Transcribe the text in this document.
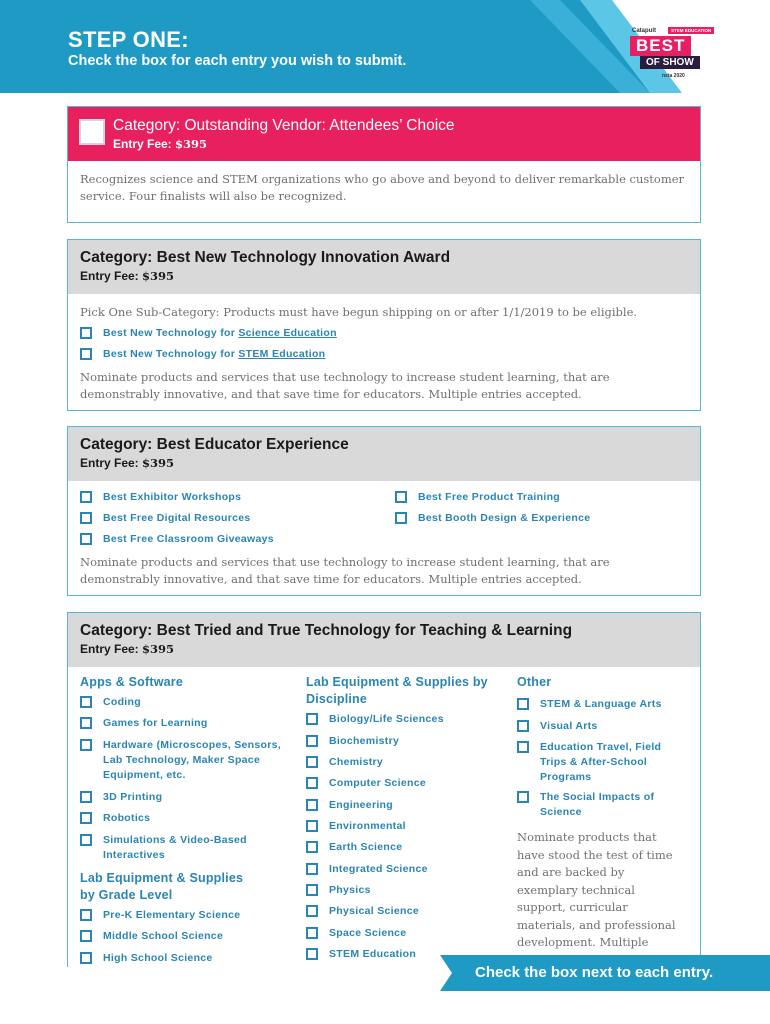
STEP ONE:
Check the box for each entry you wish to submit.
Catapult	STEM EDUCATION
BEST
OF SHOW
nsta 2020
Category: Outstanding Vendor: Attendees’ Choice
Entry Fee: $395
Recognizes science and STEM organizations who go above and beyond to deliver remarkable customer service. Four finalists will also be recognized.
Category: Best New Technology Innovation Award
Entry Fee: $395
Pick One Sub-Category: Products must have begun shipping on or after 1/1/2019 to be eligible.
Best New Technology for Science Education
Best New Technology for STEM Education
Nominate products and services that use technology to increase student learning, that are demonstrably innovative, and that save time for educators. Multiple entries accepted.
Category: Best Educator Experience
Entry Fee: $395
Best Exhibitor Workshops
Best Free Digital Resources
Best Free Classroom Giveaways
Best Free Product Training
Best Booth Design & Experience
Nominate products and services that use technology to increase student learning, that are demonstrably innovative, and that save time for educators. Multiple entries accepted.
Category: Best Tried and True Technology for Teaching & Learning
Entry Fee: $395
Apps & Software
Coding
Games for Learning
Hardware (Microscopes, Sensors, Lab Technology, Maker Space Equipment, etc.
3D Printing
Robotics
Simulations & Video-Based Interactives
Lab Equipment & Supplies by Grade Level
Pre-K Elementary Science
Middle School Science
High School Science
Lab Equipment & Supplies by Discipline
Biology/Life Sciences
Biochemistry
Chemistry
Computer Science
Engineering
Environmental
Earth Science
Integrated Science
Physics
Physical Science
Space Science
STEM Education
Other
STEM & Language Arts
Visual Arts
Education Travel, Field Trips & After-School Programs
The Social Impacts of Science
Nominate products that have stood the test of time and are backed by exemplary technical support, curricular materials, and professional development. Multiple
Check the box next to each entry.
